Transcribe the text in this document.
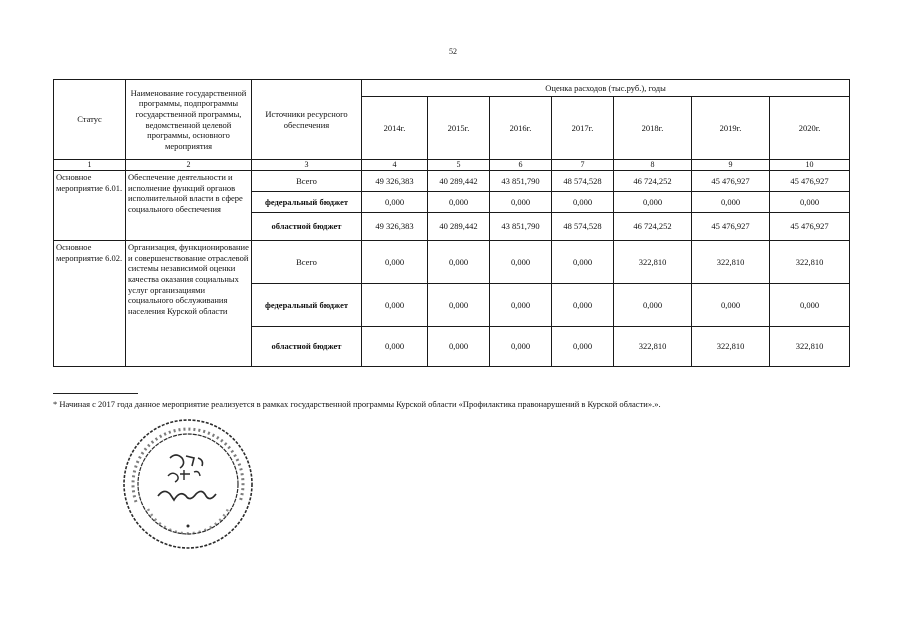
52
Статус	Наименование государственной программы, подпрограммы государственной программы, ведомственной целевой программы, основного мероприятия	Источники ресурсного обеспечения	Оценка расходов (тыс.руб.), годы						
			2014г.	2015г.	2016г.	2017г.	2018г.	2019г.	2020г.
1	2	3	4	5	6	7	8	9	10
Основное мероприятие 6.01.	Обеспечение деятельности и исполнение функций органов исполнительной власти в сфере социального обеспечения	Всего	49 326,383	40 289,442	43 851,790	48 574,528	46 724,252	45 476,927	45 476,927
		федеральный бюджет	0,000	0,000	0,000	0,000	0,000	0,000	0,000
		областной бюджет	49 326,383	40 289,442	43 851,790	48 574,528	46 724,252	45 476,927	45 476,927
Основное мероприятие 6.02.	Организация, функционирование и совершенствование отраслевой системы независимой оценки качества оказания социальных услуг организациями социального обслуживания населения Курской области	Всего	0,000	0,000	0,000	0,000	322,810	322,810	322,810
		федеральный бюджет	0,000	0,000	0,000	0,000	0,000	0,000	0,000
		областной бюджет	0,000	0,000	0,000	0,000	322,810	322,810	322,810
* Начиная с 2017 года данное мероприятие реализуется в рамках государственной программы Курской области «Профилактика правонарушений в Курской области».».
